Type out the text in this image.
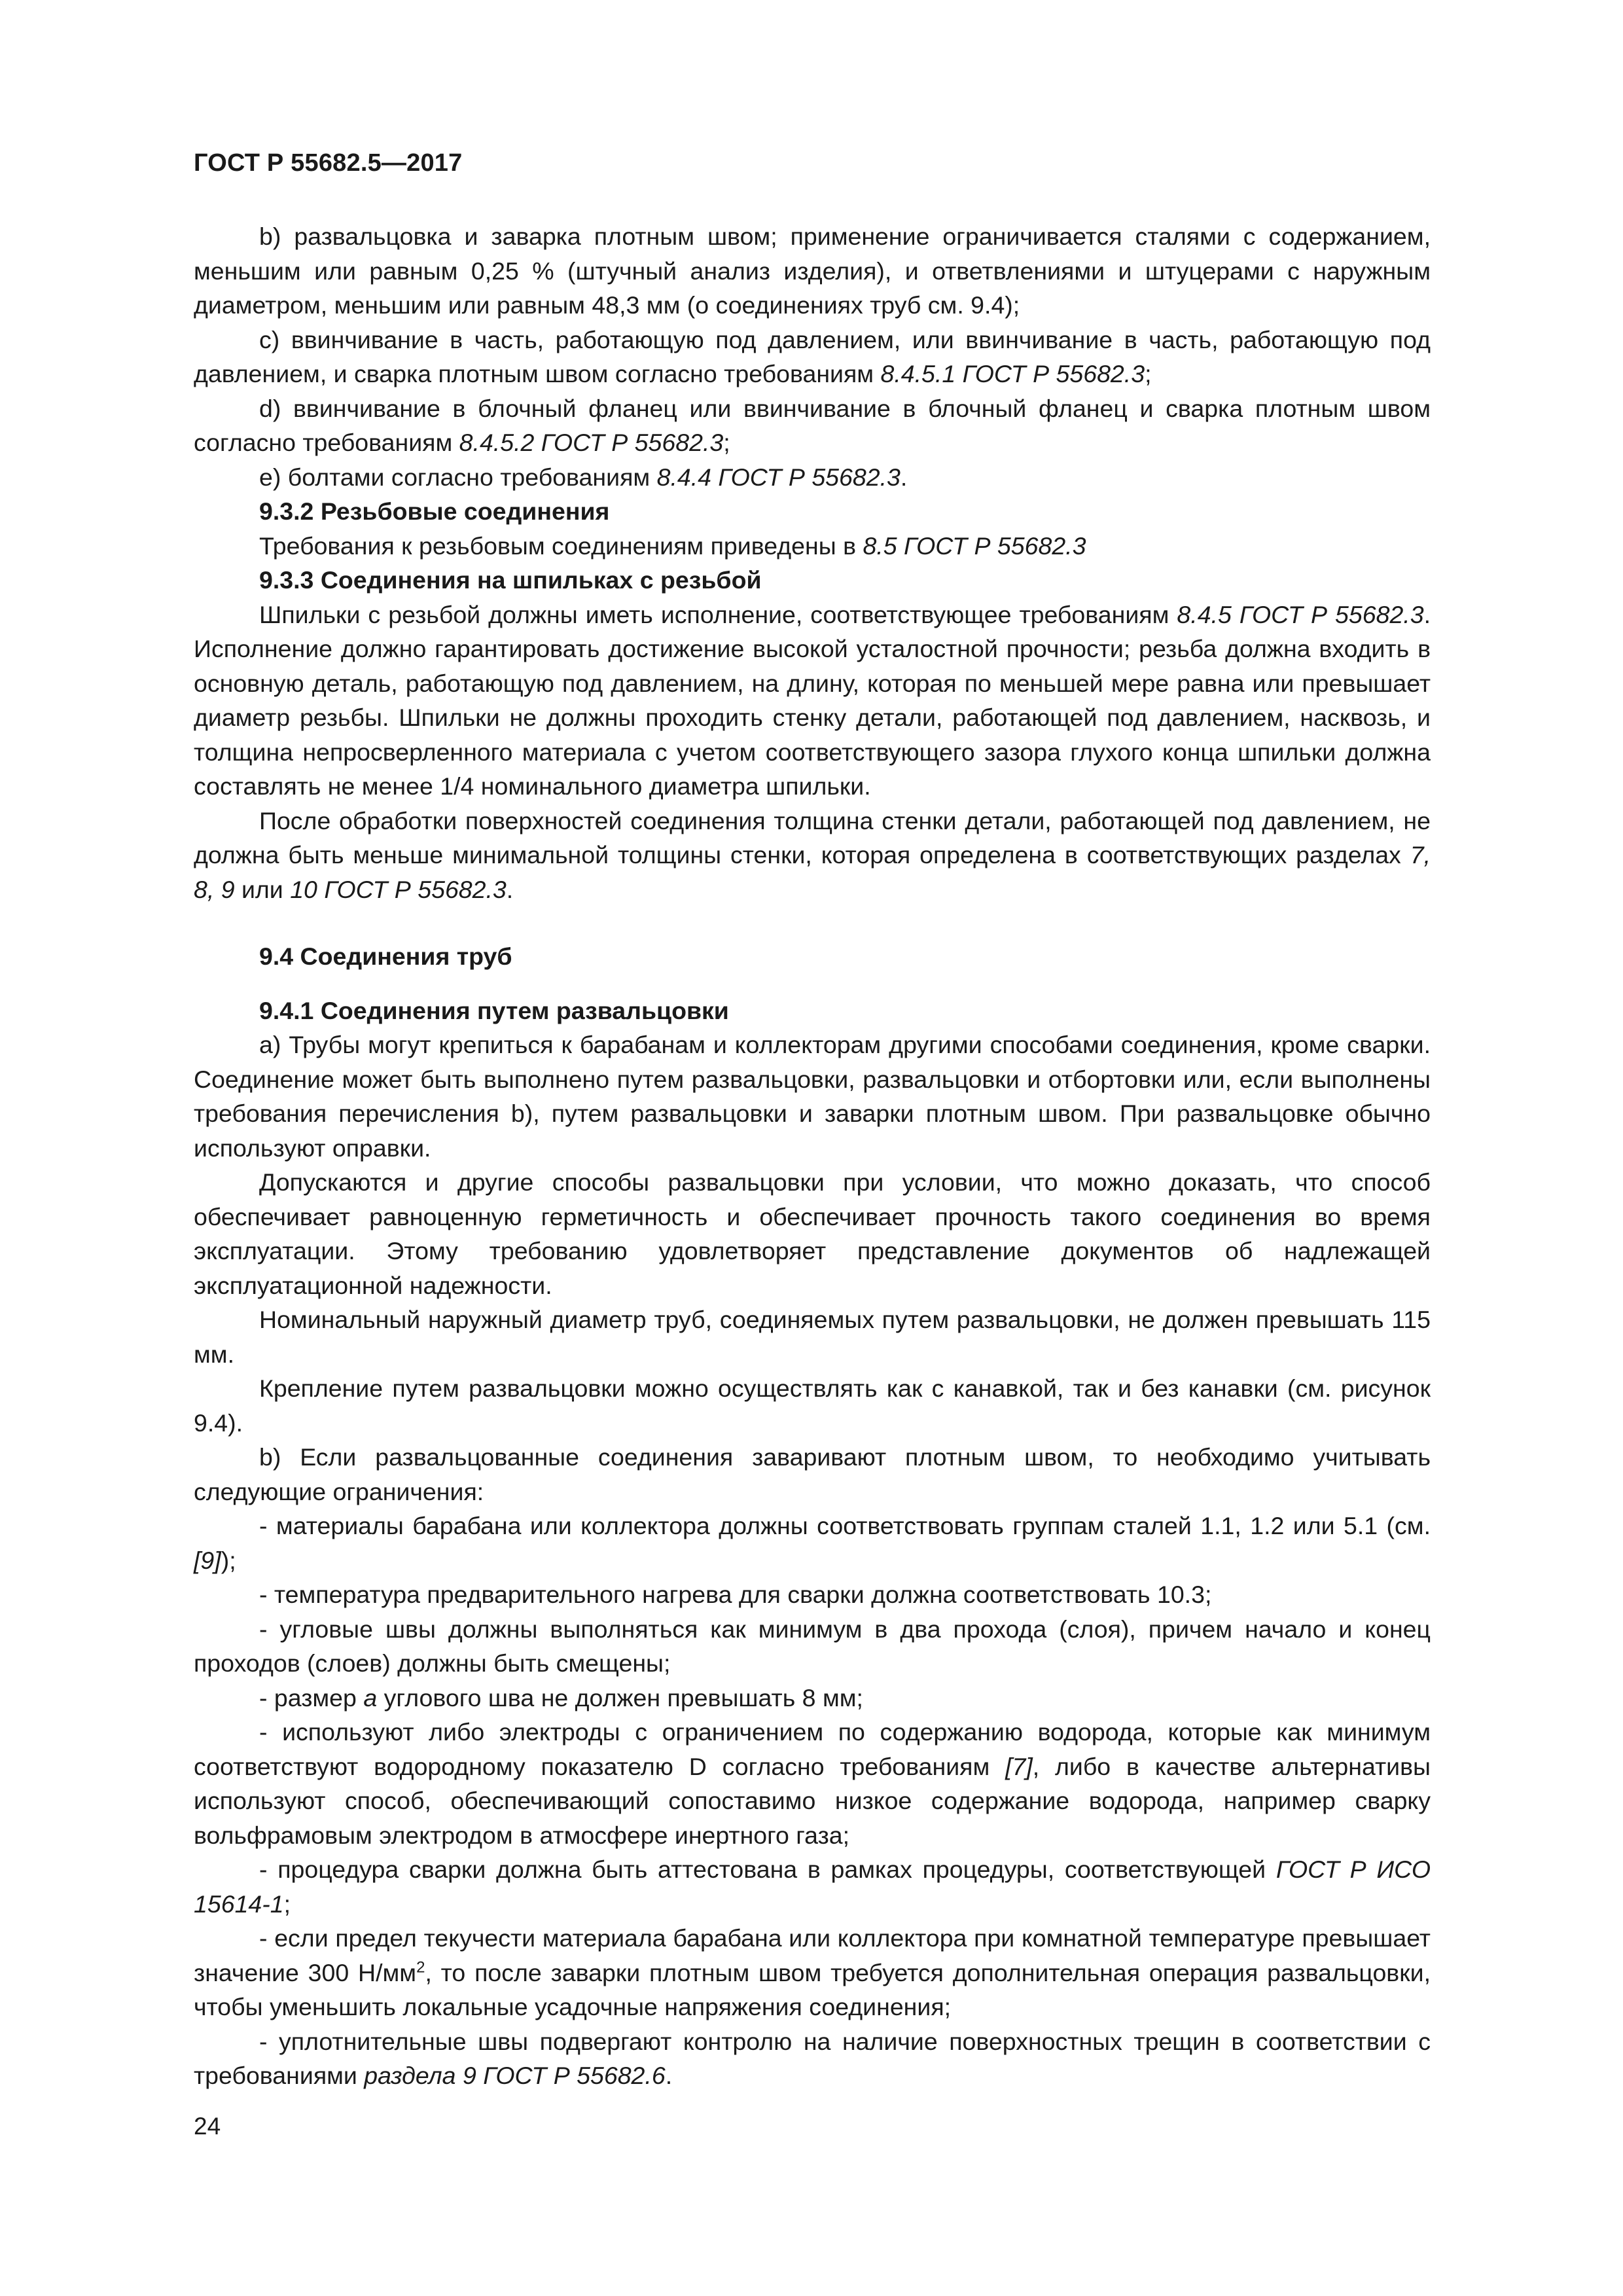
ГОСТ Р 55682.5—2017

b) развальцовка и заварка плотным швом; применение ограничивается сталями с содержанием, меньшим или равным 0,25 % (штучный анализ изделия), и ответвлениями и штуцерами с наружным диаметром, меньшим или равным 48,3 мм (о соединениях труб см. 9.4);

c) ввинчивание в часть, работающую под давлением, или ввинчивание в часть, работающую под давлением, и сварка плотным швом согласно требованиям 8.4.5.1 ГОСТ Р 55682.3;

d) ввинчивание в блочный фланец или ввинчивание в блочный фланец и сварка плотным швом согласно требованиям 8.4.5.2 ГОСТ Р 55682.3;

e) болтами согласно требованиям 8.4.4 ГОСТ Р 55682.3.

9.3.2 Резьбовые соединения

Требования к резьбовым соединениям приведены в 8.5 ГОСТ Р 55682.3

9.3.3 Соединения на шпильках с резьбой

Шпильки с резьбой должны иметь исполнение, соответствующее требованиям 8.4.5 ГОСТ Р 55682.3. Исполнение должно гарантировать достижение высокой усталостной прочности; резьба должна входить в основную деталь, работающую под давлением, на длину, которая по меньшей мере равна или превышает диаметр резьбы. Шпильки не должны проходить стенку детали, работающей под давлением, насквозь, и толщина непросверленного материала с учетом соответствующего зазора глухого конца шпильки должна составлять не менее 1/4 номинального диаметра шпильки.

После обработки поверхностей соединения толщина стенки детали, работающей под давлением, не должна быть меньше минимальной толщины стенки, которая определена в соответствующих разделах 7, 8, 9 или 10 ГОСТ Р 55682.3.

9.4 Соединения труб

9.4.1 Соединения путем развальцовки

a) Трубы могут крепиться к барабанам и коллекторам другими способами соединения, кроме сварки. Соединение может быть выполнено путем развальцовки, развальцовки и отбортовки или, если выполнены требования перечисления b), путем развальцовки и заварки плотным швом. При развальцовке обычно используют оправки.

Допускаются и другие способы развальцовки при условии, что можно доказать, что способ обеспечивает равноценную герметичность и обеспечивает прочность такого соединения во время эксплуатации. Этому требованию удовлетворяет представление документов об надлежащей эксплуатационной надежности.

Номинальный наружный диаметр труб, соединяемых путем развальцовки, не должен превышать 115 мм.

Крепление путем развальцовки можно осуществлять как с канавкой, так и без канавки (см. рисунок 9.4).

b) Если развальцованные соединения заваривают плотным швом, то необходимо учитывать следующие ограничения:

- материалы барабана или коллектора должны соответствовать группам сталей 1.1, 1.2 или 5.1 (см. [9]);

- температура предварительного нагрева для сварки должна соответствовать 10.3;

- угловые швы должны выполняться как минимум в два прохода (слоя), причем начало и конец проходов (слоев) должны быть смещены;

- размер a углового шва не должен превышать 8 мм;

- используют либо электроды с ограничением по содержанию водорода, которые как минимум соответствуют водородному показателю D согласно требованиям [7], либо в качестве альтернативы используют способ, обеспечивающий сопоставимо низкое содержание водорода, например сварку вольфрамовым электродом в атмосфере инертного газа;

- процедура сварки должна быть аттестована в рамках процедуры, соответствующей ГОСТ Р ИСО 15614-1;

- если предел текучести материала барабана или коллектора при комнатной температуре превышает значение 300 $Н/мм^2$, то после заварки плотным швом требуется дополнительная операция развальцовки, чтобы уменьшить локальные усадочные напряжения соединения;

- уплотнительные швы подвергают контролю на наличие поверхностных трещин в соответствии с требованиями раздела 9 ГОСТ Р 55682.6.

24
